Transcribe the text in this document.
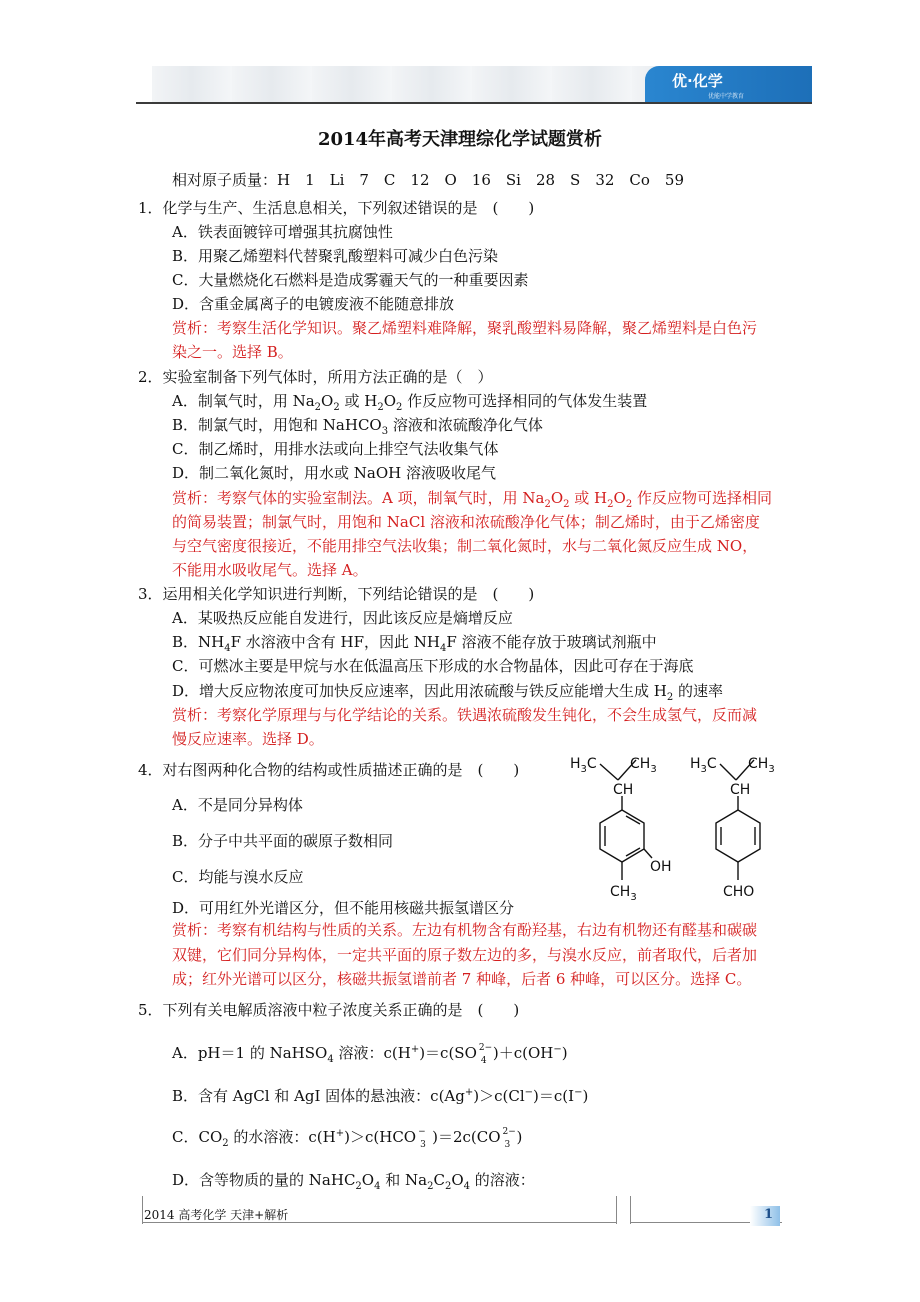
优·化学
优能中学教育
2014年高考天津理综化学试题赏析
相对原子质量：H　1　Li　7　C　12　O　16　Si　28　S　32　Co　59
1．化学与生产、生活息息相关，下列叙述错误的是　(　　)
A．铁表面镀锌可增强其抗腐蚀性
B．用聚乙烯塑料代替聚乳酸塑料可减少白色污染
C．大量燃烧化石燃料是造成雾霾天气的一种重要因素
D．含重金属离子的电镀废液不能随意排放
赏析：考察生活化学知识。聚乙烯塑料难降解，聚乳酸塑料易降解，聚乙烯塑料是白色污
染之一。选择 B。
2．实验室制备下列气体时，所用方法正确的是（　）
A．制氧气时，用 $Na_2O_2$ 或 $H_2O_2$ 作反应物可选择相同的气体发生装置
B．制氯气时，用饱和 NaHCO$_3$ 溶液和浓硫酸净化气体
C．制乙烯时，用排水法或向上排空气法收集气体
D．制二氧化氮时，用水或 NaOH 溶液吸收尾气
赏析：考察气体的实验室制法。A 项，制氧气时，用 $Na_2O_2$ 或 $H_2O_2$ 作反应物可选择相同
的简易装置；制氯气时，用饱和 NaCl 溶液和浓硫酸净化气体；制乙烯时，由于乙烯密度
与空气密度很接近，不能用排空气法收集；制二氧化氮时，水与二氧化氮反应生成 NO，
不能用水吸收尾气。选择 A。
3．运用相关化学知识进行判断，下列结论错误的是　(　　)
A．某吸热反应能自发进行，因此该反应是熵增反应
B．$NH_4F$ 水溶液中含有 HF，因此 $NH_4F$ 溶液不能存放于玻璃试剂瓶中
C．可燃冰主要是甲烷与水在低温高压下形成的水合物晶体，因此可存在于海底
D．增大反应物浓度可加快反应速率，因此用浓硫酸与铁反应能增大生成 $H_2$ 的速率
赏析：考察化学原理与与化学结论的关系。铁遇浓硫酸发生钝化，不会生成氢气，反而减
慢反应速率。选择 D。
4．对右图两种化合物的结构或性质描述正确的是　(　　)
A．不是同分异构体
B．分子中共平面的碳原子数相同
C．均能与溴水反应
D．可用红外光谱区分，但不能用核磁共振氢谱区分
赏析：考察有机结构与性质的关系。左边有机物含有酚羟基，右边有机物还有醛基和碳碳
双键，它们同分异构体，一定共平面的原子数左边的多，与溴水反应，前者取代，后者加
成；红外光谱可以区分，核磁共振氢谱前者 7 种峰，后者 6 种峰，可以区分。选择 C。
$H_3C$ $CH_3$
CH
OH
$CH_3$
$H_3C$ $CH_3$
CH
CHO
5．下列有关电解质溶液中粒子浓度关系正确的是　(　　)
A．pH＝1 的 NaHSO$_4$ 溶液：c(H+)＝c(SO 2−
4 )＋c(OH−)
B．含有 AgCl 和 AgI 固体的悬浊液：c(Ag+)＞c(Cl−)＝c(I−)
C．$CO_2$ 的水溶液：c(H+)＞c(HCO −
3 )＝2c(CO 2−
3 )
D．含等物质的量的 $NaHC_2O_4$ 和 $Na_2C_2O_4$ 的溶液：
2014 高考化学 天津+解析	1
